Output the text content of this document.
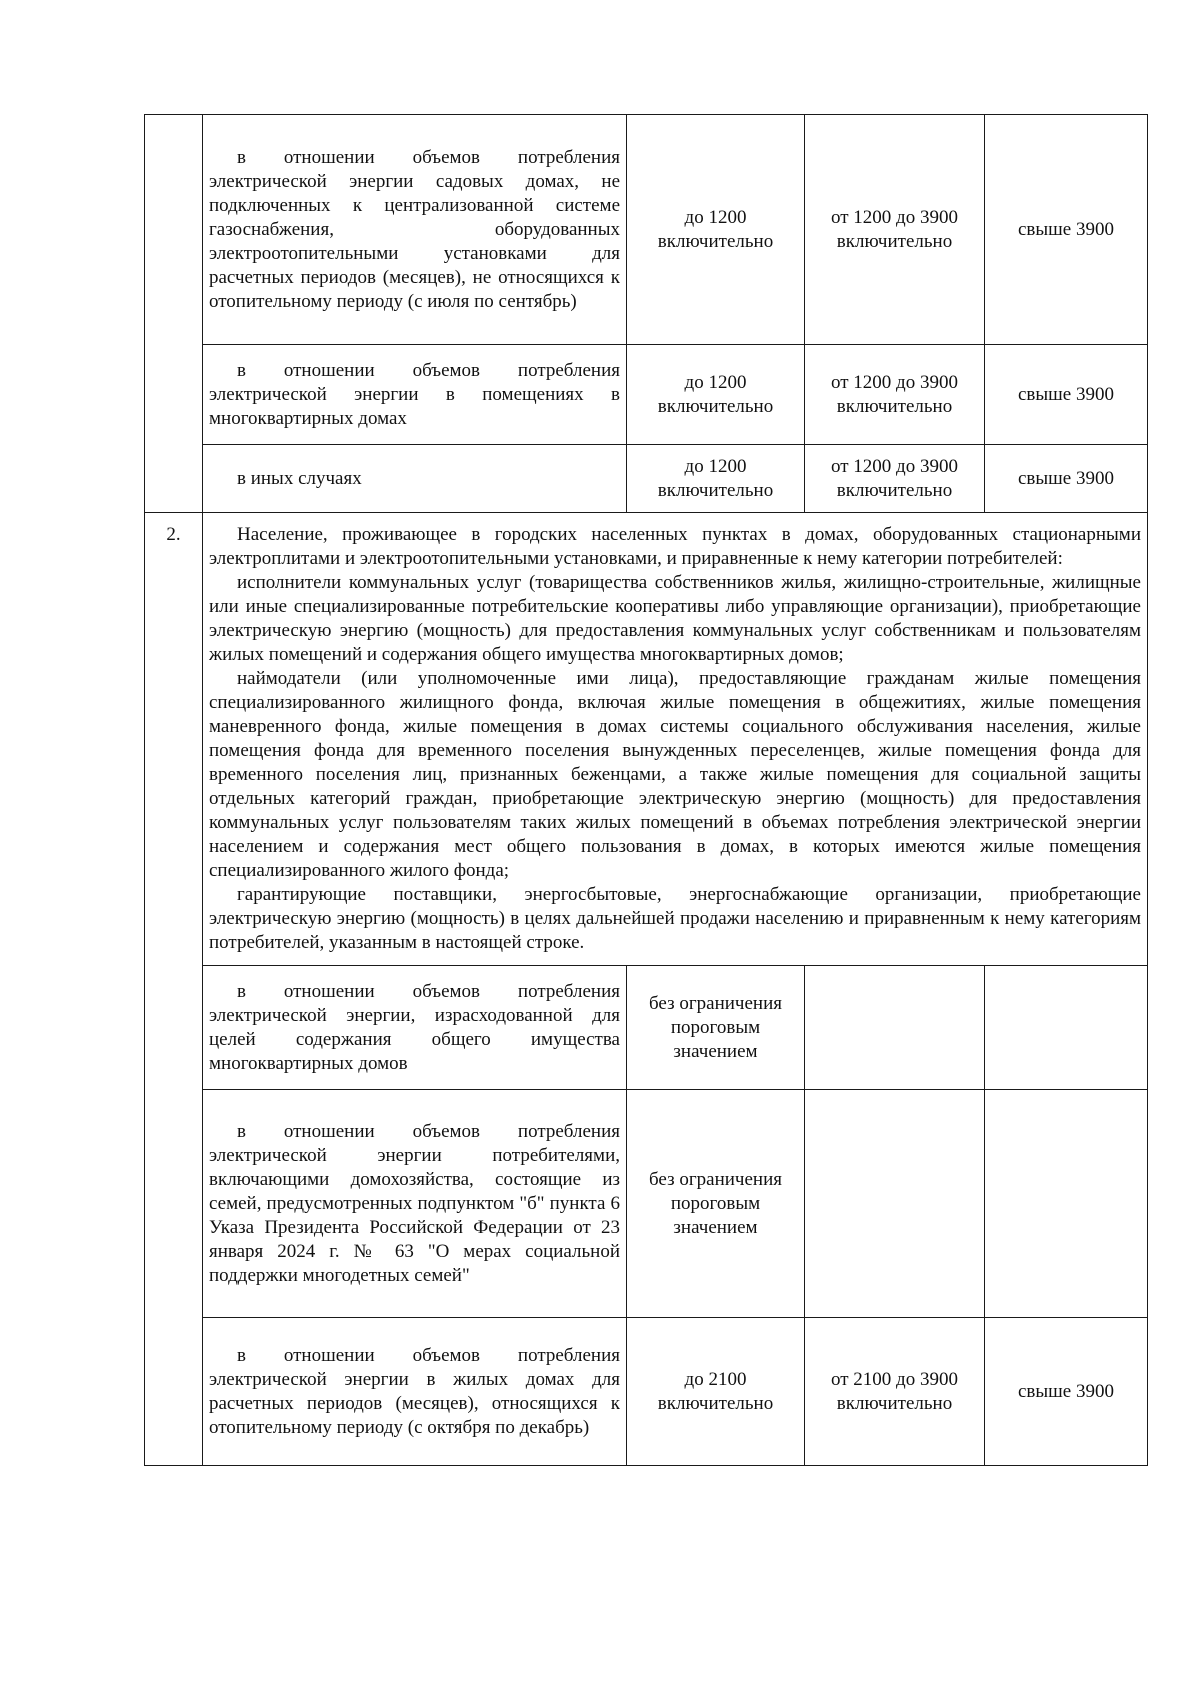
	в отношении объемов потребления электрической энергии садовых домах, не подключенных к централизованной системе газоснабжения, оборудованных электроотопительными установками для расчетных периодов (месяцев), не относящихся к отопительному периоду (с июля по сентябрь)	до 1200 включительно	от 1200 до 3900 включительно	свыше 3900

	в отношении объемов потребления электрической энергии в помещениях в многоквартирных домах	до 1200 включительно	от 1200 до 3900 включительно	свыше 3900

	в иных случаях	до 1200 включительно	от 1200 до 3900 включительно	свыше 3900
2.	Население, проживающее в городских населенных пунктах в домах, оборудованных стационарными электроплитами и электроотопительными установками, и приравненные к нему категории потребителей:

исполнители коммунальных услуг (товарищества собственников жилья, жилищно-строительные, жилищные или иные специализированные потребительские кооперативы либо управляющие организации), приобретающие электрическую энергию (мощность) для предоставления коммунальных услуг собственникам и пользователям жилых помещений и содержания общего имущества многоквартирных домов;

наймодатели (или уполномоченные ими лица), предоставляющие гражданам жилые помещения специализированного жилищного фонда, включая жилые помещения в общежитиях, жилые помещения маневренного фонда, жилые помещения в домах системы социального обслуживания населения, жилые помещения фонда для временного поселения вынужденных переселенцев, жилые помещения фонда для временного поселения лиц, признанных беженцами, а также жилые помещения для социальной защиты отдельных категорий граждан, приобретающие электрическую энергию (мощность) для предоставления коммунальных услуг пользователям таких жилых помещений в объемах потребления электрической энергии населением и содержания мест общего пользования в домах, в которых имеются жилые помещения специализированного жилого фонда;

гарантирующие поставщики, энергосбытовые, энергоснабжающие организации, приобретающие электрическую энергию (мощность) в целях дальнейшей продажи населению и приравненным к нему категориям потребителей, указанным в настоящей строке.			

	в отношении объемов потребления электрической энергии, израсходованной для целей содержания общего имущества многоквартирных домов	без ограничения пороговым значением		

	в отношении объемов потребления электрической энергии потребителями, включающими домохозяйства, состоящие из семей, предусмотренных подпунктом "б" пункта 6 Указа Президента Российской Федерации от 23 января 2024 г. № 63 "О мерах социальной поддержки многодетных семей"	без ограничения пороговым значением		

	в отношении объемов потребления электрической энергии в жилых домах для расчетных периодов (месяцев), относящихся к отопительному периоду (с октября по декабрь)	до 2100 включительно	от 2100 до 3900 включительно	свыше 3900
